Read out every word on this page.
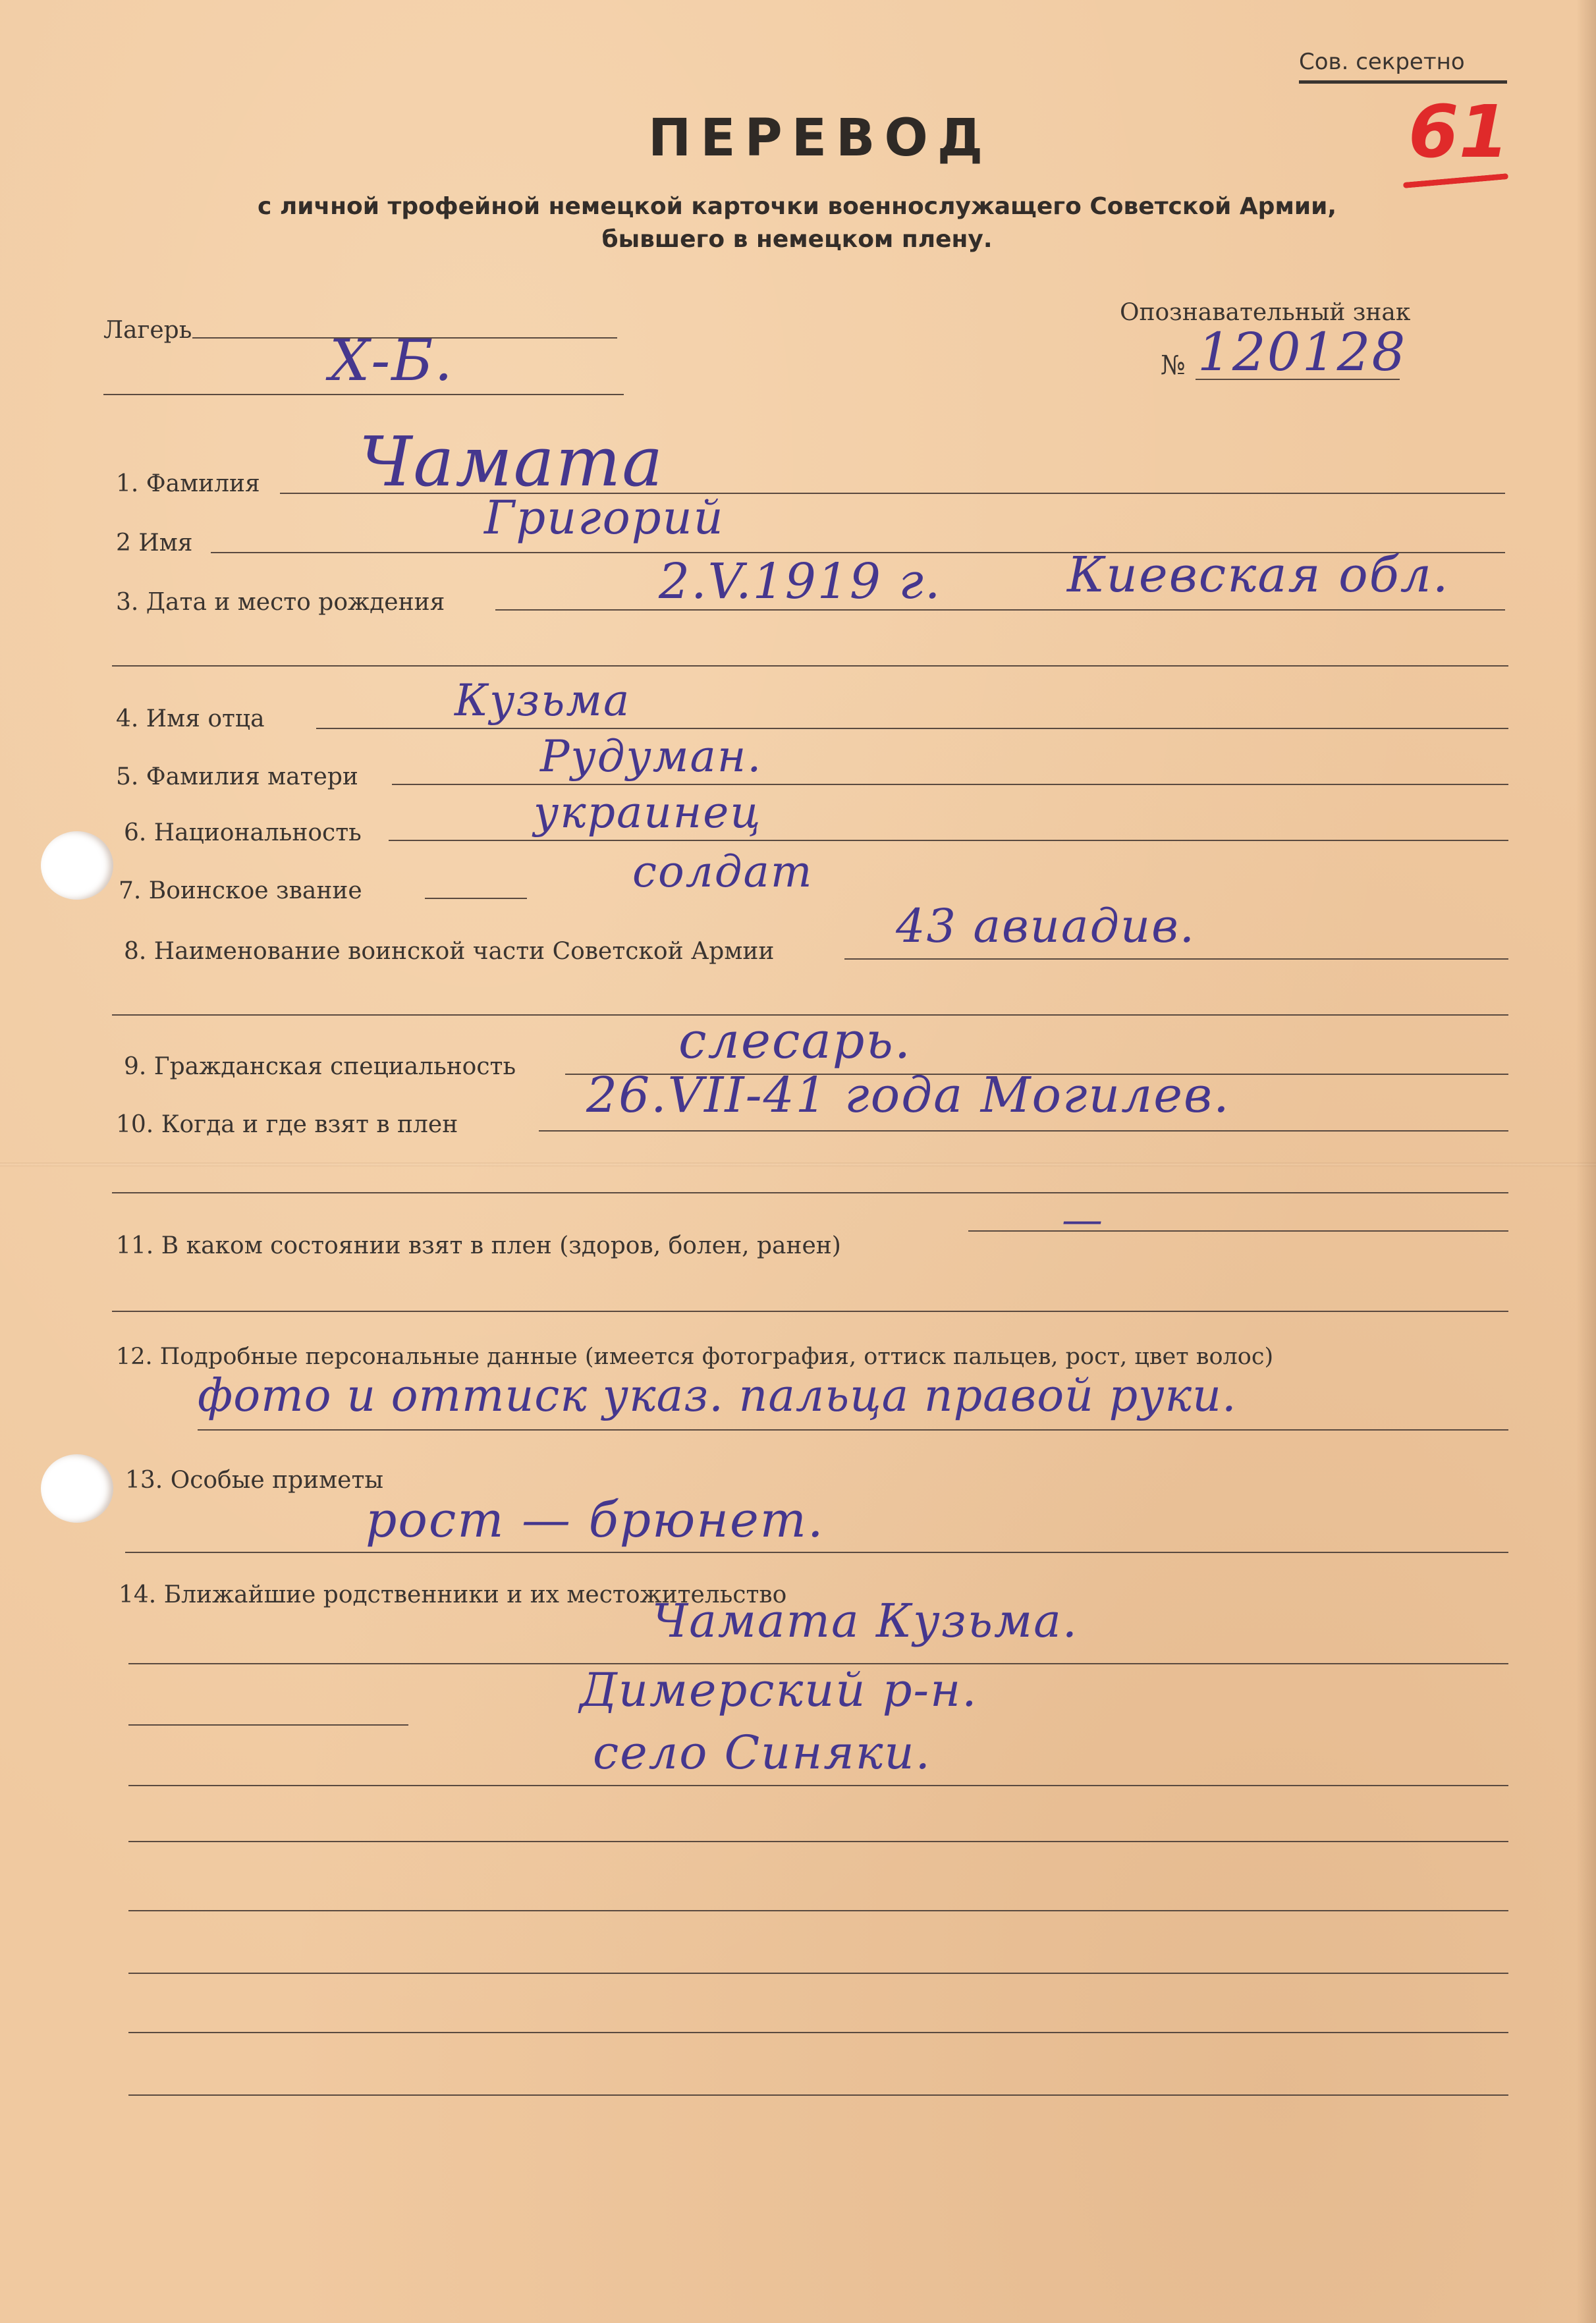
Сов. секретно
61
ПЕРЕВОД
с личной трофейной немецкой карточки военнослужащего Советской Армии,
бывшего в немецком плену.
Лагерь Х-Б.
Опознавательный знак
№ 120128
1. Фамилия Чамата
2 Имя	Григорий
3. Дата и место рождения	2.V.1919 г.	Киевская обл.
4. Имя отца	Кузьма
5. Фамилия матери	Рудуман.
6. Национальность	украинец
7. Воинское звание	солдат
8. Наименование воинской части Советской Армии	43 авиадив.
9. Гражданская специальность	слесарь.
10. Когда и где взят в плен
26.VII-41 года Могилев.
11. В каком состоянии взят в плен (здоров, болен, ранен)
—
12. Подробные персональные данные (имеется фотография, оттиск пальцев, рост, цвет волос)
фото и оттиск указ. пальца правой руки.
13. Особые приметы
рост — брюнет.
14. Ближайшие родственники и их местожительство
Чамата Кузьма.
Димерский р-н.
село Синяки.
